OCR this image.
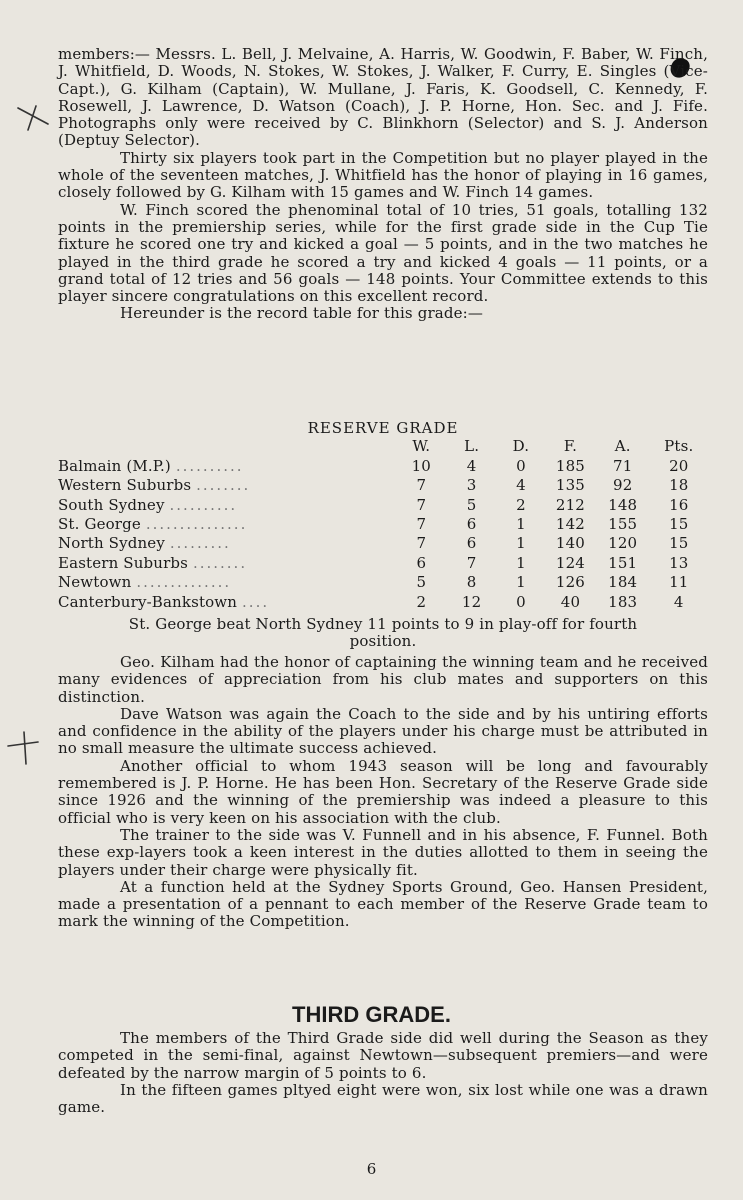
members:— Messrs. L. Bell, J. Melvaine, A. Harris, W. Goodwin, F. Baber, W. Finch, J. Whitfield, D. Woods, N. Stokes, W. Stokes, J. Walker, F. Curry, E. Singles (Vice-Capt.), G. Kilham (Captain), W. Mullane, J. Faris, K. Goodsell, C. Kennedy, F. Rosewell, J. Lawrence, D. Watson (Coach), J. P. Horne, Hon. Sec. and J. Fife. Photographs only were received by C. Blinkhorn (Selector) and S. J. Anderson (Deptuy Selector).

Thirty six players took part in the Competition but no player played in the whole of the seventeen matches, J. Whitfield has the honor of playing in 16 games, closely followed by G. Kilham with 15 games and W. Finch 14 games.

W. Finch scored the phenominal total of 10 tries, 51 goals, totalling 132 points in the premiership series, while for the first grade side in the Cup Tie fixture he scored one try and kicked a goal — 5 points, and in the two matches he played in the third grade he scored a try and kicked 4 goals — 11 points, or a grand total of 12 tries and 56 goals — 148 points. Your Committee extends to this player sincere congratulations on this excellent record.

Hereunder is the record table for this grade:—

RESERVE GRADE
	W.	L.	D.	F.	A.	Pts.
Balmain (M.P.) ..........	10	4	0	185	71	20
Western Suburbs ........	7	3	4	135	92	18
South Sydney ..........	7	5	2	212	148	16
St. George ...............	7	6	1	142	155	15
North Sydney .........	7	6	1	140	120	15
Eastern Suburbs ........	6	7	1	124	151	13
Newtown ..............	5	8	1	126	184	11
Canterbury-Bankstown ....	2	12	0	40	183	4

St. George beat North Sydney 11 points to 9 in play-off for fourth position.

Geo. Kilham had the honor of captaining the winning team and he received many evidences of appreciation from his club mates and supporters on this distinction.

Dave Watson was again the Coach to the side and by his untiring efforts and confidence in the ability of the players under his charge must be attributed in no small measure the ultimate success achieved.

Another official to whom 1943 season will be long and favourably remembered is J. P. Horne. He has been Hon. Secretary of the Reserve Grade side since 1926 and the winning of the premiership was indeed a pleasure to this official who is very keen on his association with the club.

The trainer to the side was V. Funnell and in his absence, F. Funnel. Both these exp-layers took a keen interest in the duties allotted to them in seeing the players under their charge were physically fit.

At a function held at the Sydney Sports Ground, Geo. Hansen President, made a presentation of a pennant to each member of the Reserve Grade team to mark the winning of the Competition.

THIRD GRADE.

The members of the Third Grade side did well during the Season as they competed in the semi-final, against Newtown—subsequent premiers—and were defeated by the narrow margin of 5 points to 6.

In the fifteen games pltyed eight were won, six lost while one was a drawn game.

6
